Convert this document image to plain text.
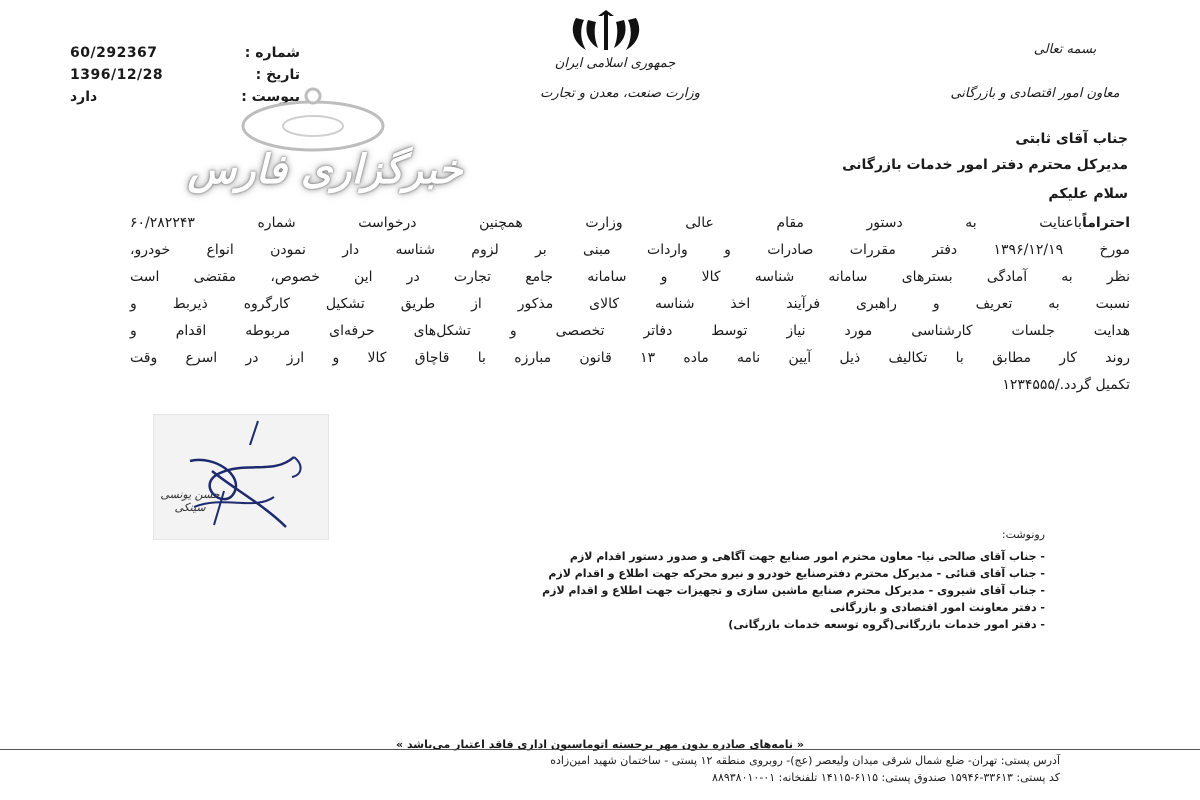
60/292367	شماره :
1396/12/28	تاریخ :
دارد	پیوست :
جمهوری اسلامی ایران
وزارت صنعت، معدن و تجارت
بسمه تعالی
معاون امور اقتصادی و بازرگانی
خبرگزاری فارس
جناب آقای ثابتی
مدیرکل محترم دفتر امور خدمات بازرگانی
سلام علیکم
احتراماًباعنایت به دستور مقام عالی وزارت همچنین درخواست شماره ۶۰/۲۸۲۲۴۳
مورخ ۱۳۹۶/۱۲/۱۹ دفتر مقررات صادرات و واردات مبنی بر لزوم شناسه دار نمودن انواع خودرو،
نظر به آمادگی بسترهای سامانه شناسه کالا و سامانه جامع تجارت در این خصوص، مقتضی است
نسبت به تعریف و راهبری فرآیند اخذ شناسه کالای مذکور از طریق تشکیل کارگروه ذیربط و
هدایت جلسات کارشناسی مورد نیاز توسط دفاتر تخصصی و تشکل‌های حرفه‌ای مربوطه اقدام و
روند کار مطابق با تکالیف ذیل آیین نامه ماده ۱۳ قانون مبارزه با قاچاق کالا و ارز در اسرع وقت
تکمیل گردد./۱۲۳۴۵۵۵
حسن یونسی سینکی
رونوشت:
- جناب آقای صالحی نیا- معاون محترم امور صنایع جهت آگاهی و صدور دستور اقدام لازم
- جناب آقای قنائی - مدیرکل محترم دفترصنایع خودرو و نیرو محرکه جهت اطلاع و اقدام لازم
- جناب آقای شیروی - مدیرکل محترم صنایع ماشین سازی و تجهیزات جهت اطلاع و اقدام لازم
- دفتر معاونت امور اقتصادی و بازرگانی
- دفتر امور خدمات بازرگانی(گروه توسعه خدمات بازرگانی)
« نامه‌های صادره بدون مهر برجسته اتوماسیون اداری فاقد اعتبار می‌باشد »
آدرس پستی: تهران- ضلع شمال شرقی میدان ولیعصر (عج)- روبروی منطقه ۱۲ پستی - ساختمان شهید امین‌زاده
کد پستی: ۳۳۶۱۳-۱۵۹۴۶ صندوق پستی: ۶۱۱۵-۱۴۱۱۵ تلفنخانه: ۰۱-۸۸۹۳۸۰۱۰
